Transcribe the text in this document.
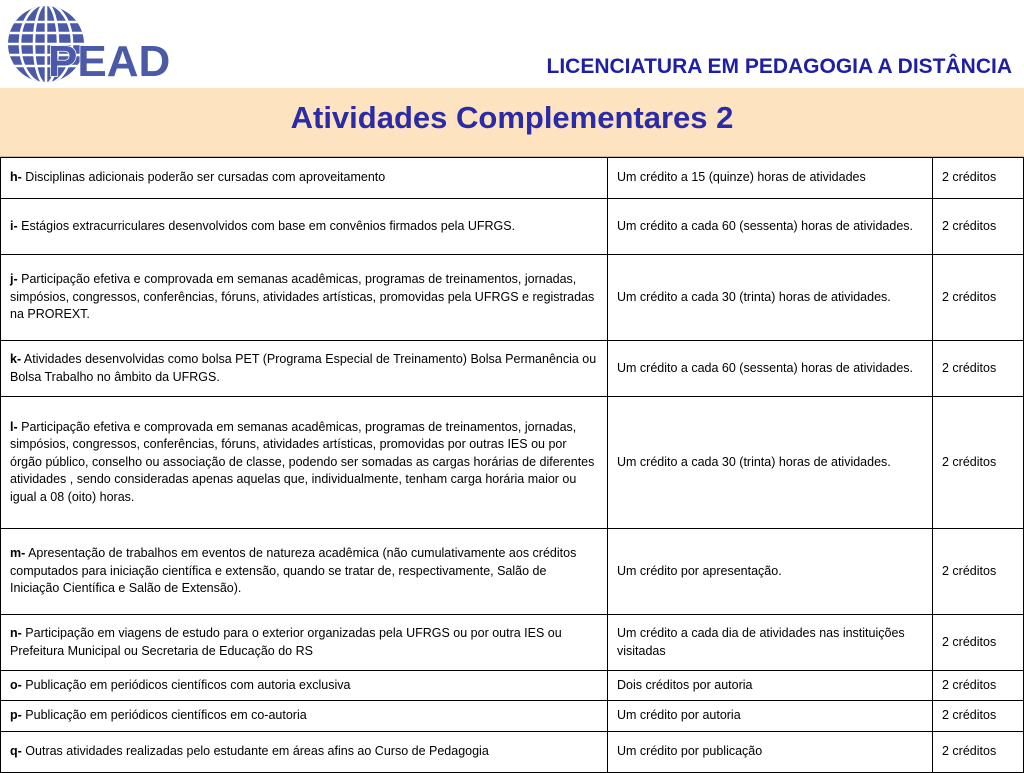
PEAD	LICENCIATURA EM PEDAGOGIA A DISTÂNCIA
Atividades Complementares 2
h- Disciplinas adicionais poderão ser cursadas com aproveitamento	Um crédito a 15 (quinze) horas de atividades	2 créditos
i- Estágios extracurriculares desenvolvidos com base em convênios firmados pela UFRGS.	Um crédito a cada 60 (sessenta) horas de atividades.	2 créditos
j- Participação efetiva e comprovada em semanas acadêmicas, programas de treinamentos, jornadas, simpósios, congressos, conferências, fóruns, atividades artísticas, promovidas pela UFRGS e registradas na PROREXT.	Um crédito a cada 30 (trinta) horas de atividades.	2 créditos
k- Atividades desenvolvidas como bolsa PET (Programa Especial de Treinamento) Bolsa Permanência ou Bolsa Trabalho no âmbito da UFRGS.	Um crédito a cada 60 (sessenta) horas de atividades.	2 créditos
l- Participação efetiva e comprovada em semanas acadêmicas, programas de treinamentos, jornadas, simpósios, congressos, conferências, fóruns, atividades artísticas, promovidas por outras IES ou por órgão público, conselho ou associação de classe, podendo ser somadas as cargas horárias de diferentes atividades , sendo consideradas apenas aquelas que, individualmente, tenham carga horária maior ou igual a 08 (oito) horas.	Um crédito a cada 30 (trinta) horas de atividades.	2 créditos
m- Apresentação de trabalhos em eventos de natureza acadêmica (não cumulativamente aos créditos computados para iniciação científica e extensão, quando se tratar de, respectivamente, Salão de Iniciação Científica e Salão de Extensão).	Um crédito por apresentação.	2 créditos
n- Participação em viagens de estudo para o exterior organizadas pela UFRGS ou por outra IES ou Prefeitura Municipal ou Secretaria de Educação do RS	Um crédito a cada dia de atividades nas instituições visitadas	2 créditos
o- Publicação em periódicos científicos com autoria exclusiva	Dois créditos por autoria	2 créditos
p- Publicação em periódicos científicos em co-autoria	Um crédito por autoria	2 créditos
q- Outras atividades realizadas pelo estudante em áreas afins ao Curso de Pedagogia	Um crédito por publicação	2 créditos
